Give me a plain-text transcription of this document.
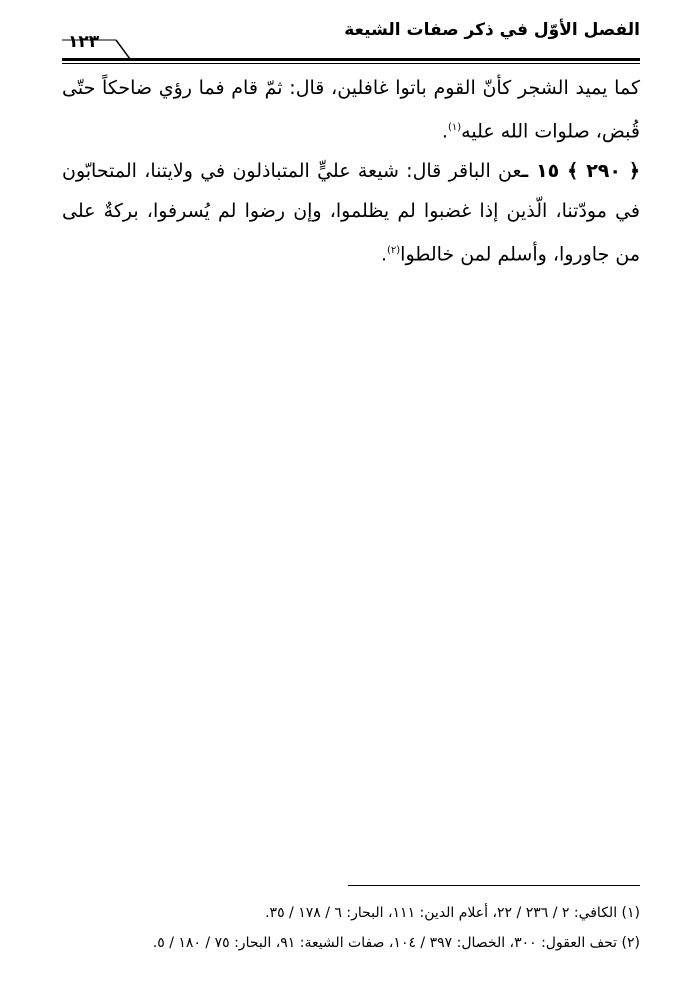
الفصل الأوّل في ذكر صفات الشيعة
١٢٣

كما يميد الشجر كأنّ القوم باتوا غافلين، قال: ثمّ قام فما رؤي ضاحكاً حتّى قُبض، صلوات الله عليه$^{(١)}$.

﴿ ٢٩٠ ﴾ ١٥ ـعن الباقر قال: شيعة عليٍّ المتباذلون في ولايتنا، المتحابّون في مودّتنا، الّذين إذا غضبوا لم يظلموا، وإن رضوا لم يُسرفوا، بركةٌ على من جاوروا، وأسلم لمن خالطوا$^{(٢)}$.

(١) الكافي: ٢ / ٢٣٦ / ٢٢، أعلام الدين: ١١١، البحار: ٦ / ١٧٨ / ٣٥.

(٢) تحف العقول: ٣٠٠، الخصال: ٣٩٧ / ١٠٤، صفات الشيعة: ٩١، البحار: ٧٥ / ١٨٠ / ٥.
